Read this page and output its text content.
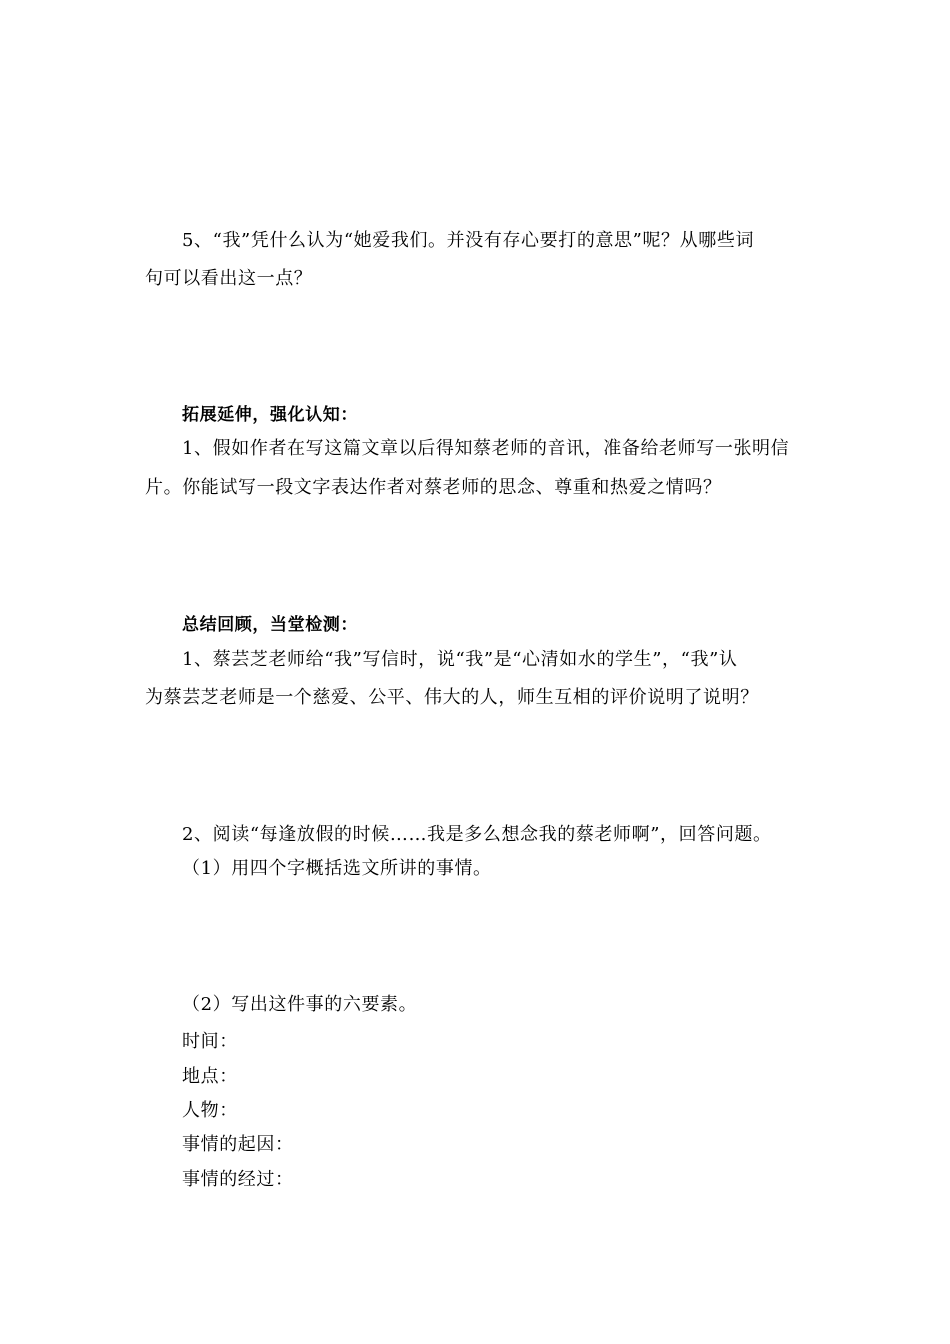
5、“我”凭什么认为“她爱我们。并没有存心要打的意思”呢？从哪些词
句可以看出这一点？
拓展延伸，强化认知：
1、假如作者在写这篇文章以后得知蔡老师的音讯，准备给老师写一张明信
片。你能试写一段文字表达作者对蔡老师的思念、尊重和热爱之情吗？
总结回顾，当堂检测：
1、蔡芸芝老师给“我”写信时，说“我”是“心清如水的学生”，“我”认
为蔡芸芝老师是一个慈爱、公平、伟大的人，师生互相的评价说明了说明？
2、阅读“每逢放假的时候……我是多么想念我的蔡老师啊”，回答问题。
（1）用四个字概括选文所讲的事情。
（2）写出这件事的六要素。
时间：
地点：
人物：
事情的起因：
事情的经过：
